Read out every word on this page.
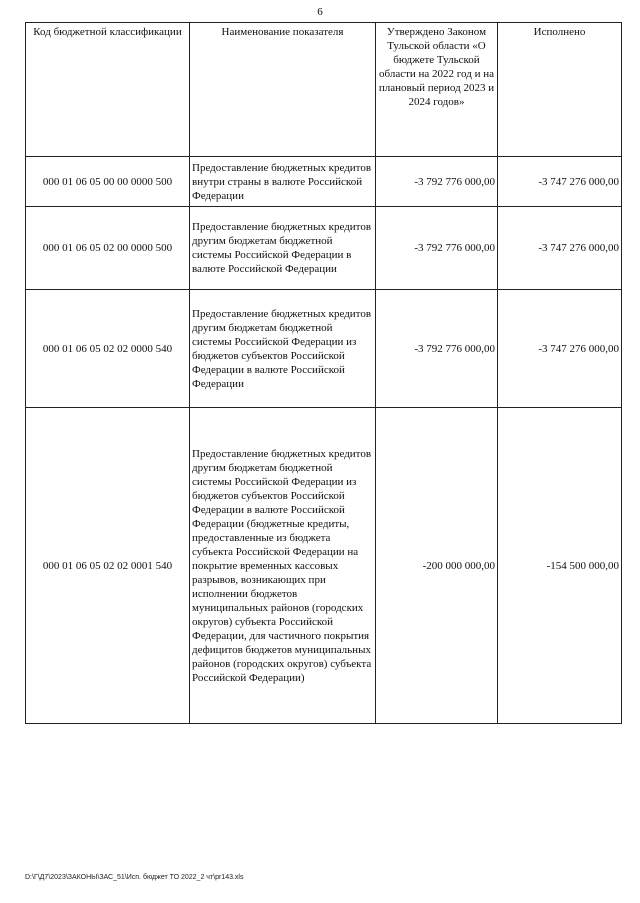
6
Код бюджетной классификации	Наименование показателя	Утверждено Законом Тульской области «О бюджете Тульской области на 2022 год и на плановый период 2023 и 2024 годов»	Исполнено
000 01 06 05 00 00 0000 500	Предоставление бюджетных кредитов внутри страны в валюте Российской Федерации	-3 792 776 000,00	-3 747 276 000,00
000 01 06 05 02 00 0000 500	Предоставление бюджетных кредитов другим бюджетам бюджетной системы Российской Федерации в валюте Российской Федерации	-3 792 776 000,00	-3 747 276 000,00
000 01 06 05 02 02 0000 540	Предоставление бюджетных кредитов другим бюджетам бюджетной системы Российской Федерации из бюджетов субъектов Российской Федерации в валюте Российской Федерации	-3 792 776 000,00	-3 747 276 000,00
000 01 06 05 02 02 0001 540	Предоставление бюджетных кредитов другим бюджетам бюджетной системы Российской Федерации из бюджетов субъектов Российской Федерации в валюте Российской Федерации (бюджетные кредиты, предоставленные из бюджета субъекта Российской Федерации на покрытие временных кассовых разрывов, возникающих при исполнении бюджетов муниципальных районов (городских округов) субъекта Российской Федерации, для частичного покрытия дефицитов бюджетов муниципальных районов (городских округов) субъекта Российской Федерации)	-200 000 000,00	-154 500 000,00
D:\Г\Д7\2023\ЗАКОНЫ\ЗАС_51\Исп. бюджет ТО 2022_2 чт\pr143.xls
